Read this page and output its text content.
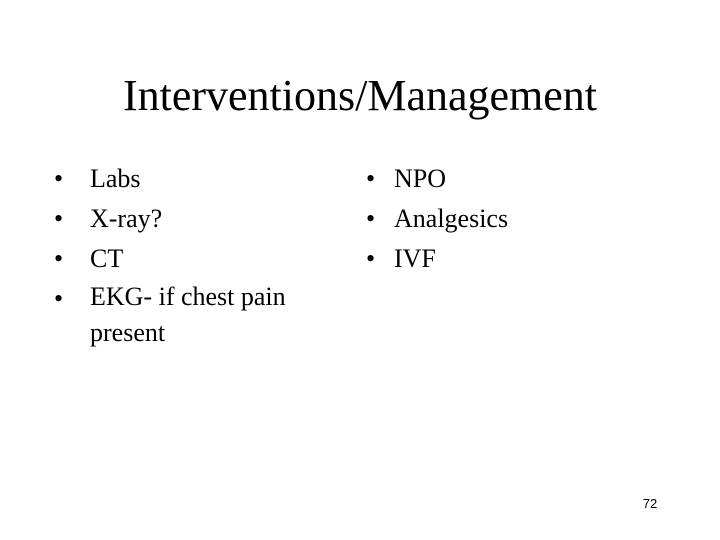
Interventions/Management
• Labs
• X-ray?
• CT
• EKG- if chest pain present
• NPO
• Analgesics
• IVF
72
